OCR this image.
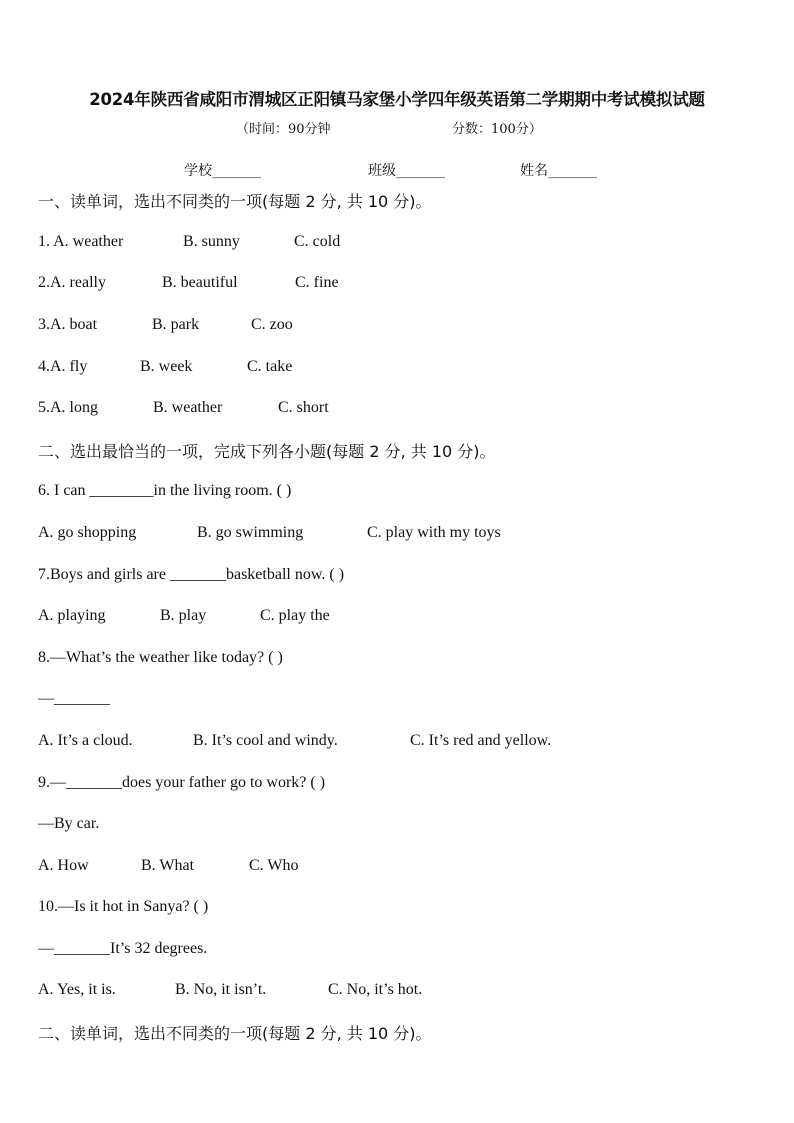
2024年陕西省咸阳市渭城区正阳镇马家堡小学四年级英语第二学期期中考试模拟试题
（时间：90分钟	分数：100分）
学校_______	班级_______	姓名_______
一、读单词，选出不同类的一项(每题 2 分, 共 10 分)。
1. A. weather	B. sunny	C. cold
2.A. really	B. beautiful	C. fine
3.A. boat	B. park	C. zoo
4.A. fly	B. week	C. take
5.A. long	B. weather	C. short
二、选出最恰当的一项，完成下列各小题(每题 2 分, 共 10 分)。
6. I can ________in the living room. ( )
A. go shopping	B. go swimming	C. play with my toys
7.Boys and girls are _______basketball now. ( )
A. playing	B. play	C. play the
8.—What’s the weather like today? ( )
—_______
A. It’s a cloud.	B. It’s cool and windy.	C. It’s red and yellow.
9.—_______does your father go to work? ( )
—By car.
A. How	B. What	C. Who
10.—Is it hot in Sanya? ( )
—_______It’s 32 degrees.
A. Yes, it is.	B. No, it isn’t.	C. No, it’s hot.
二、读单词，选出不同类的一项(每题 2 分, 共 10 分)。
